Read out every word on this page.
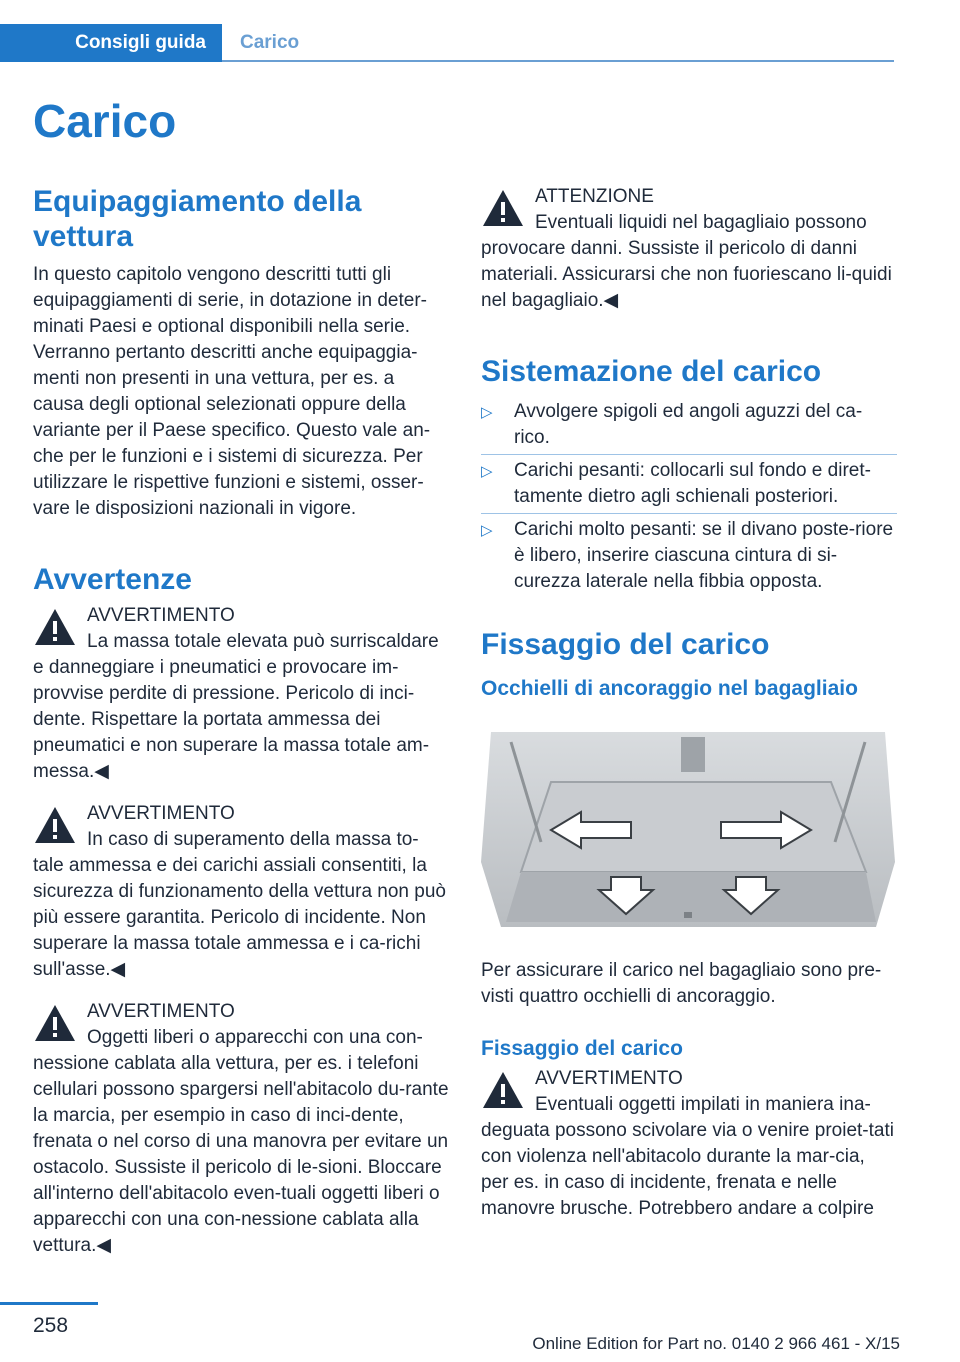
Consigli guida	Carico
Carico
Equipaggiamento della vettura

In questo capitolo vengono descritti tutti gli equipaggiamenti di serie, in dotazione in deter‐minati Paesi e optional disponibili nella serie. Verranno pertanto descritti anche equipaggia‐menti non presenti in una vettura, per es. a causa degli optional selezionati oppure della variante per il Paese specifico. Questo vale an‐che per le funzioni e i sistemi di sicurezza. Per utilizzare le rispettive funzioni e sistemi, osser‐vare le disposizioni nazionali in vigore.

Avvertenze
AVVERTIMENTO
La massa totale elevata può surriscaldare e danneggiare i pneumatici e provocare im‐provvise perdite di pressione. Pericolo di inci‐dente. Rispettare la portata ammessa dei pneumatici e non superare la massa totale am‐messa.◀
AVVERTIMENTO
In caso di superamento della massa to‐tale ammessa e dei carichi assiali consentiti, la sicurezza di funzionamento della vettura non può più essere garantita. Pericolo di incidente. Non superare la massa totale ammessa e i ca‐richi sull'asse.◀
AVVERTIMENTO
Oggetti liberi o apparecchi con una con‐nessione cablata alla vettura, per es. i telefoni cellulari possono spargersi nell'abitacolo du‐rante la marcia, per esempio in caso di inci‐dente, frenata o nel corso di una manovra per evitare un ostacolo. Sussiste il pericolo di le‐sioni. Bloccare all'interno dell'abitacolo even‐tuali oggetti liberi o apparecchi con una con‐nessione cablata alla vettura.◀
ATTENZIONE
Eventuali liquidi nel bagagliaio possono provocare danni. Sussiste il pericolo di danni materiali. Assicurarsi che non fuoriescano li‐quidi nel bagagliaio.◀
Sistemazione del carico
▷ Avvolgere spigoli ed angoli aguzzi del ca‐rico.
▷ Carichi pesanti: collocarli sul fondo e diret‐tamente dietro agli schienali posteriori.
▷ Carichi molto pesanti: se il divano poste‐riore è libero, inserire ciascuna cintura di si‐curezza laterale nella fibbia opposta.
Fissaggio del carico
Occhielli di ancoraggio nel bagagliaio

Per assicurare il carico nel bagagliaio sono pre‐visti quattro occhielli di ancoraggio.

Fissaggio del carico
AVVERTIMENTO
Eventuali oggetti impilati in maniera ina‐deguata possono scivolare via o venire proiet‐tati con violenza nell'abitacolo durante la mar‐cia, per es. in caso di incidente, frenata e nelle manovre brusche. Potrebbero andare a colpire
258
Online Edition for Part no. 0140 2 966 461 - X/15
